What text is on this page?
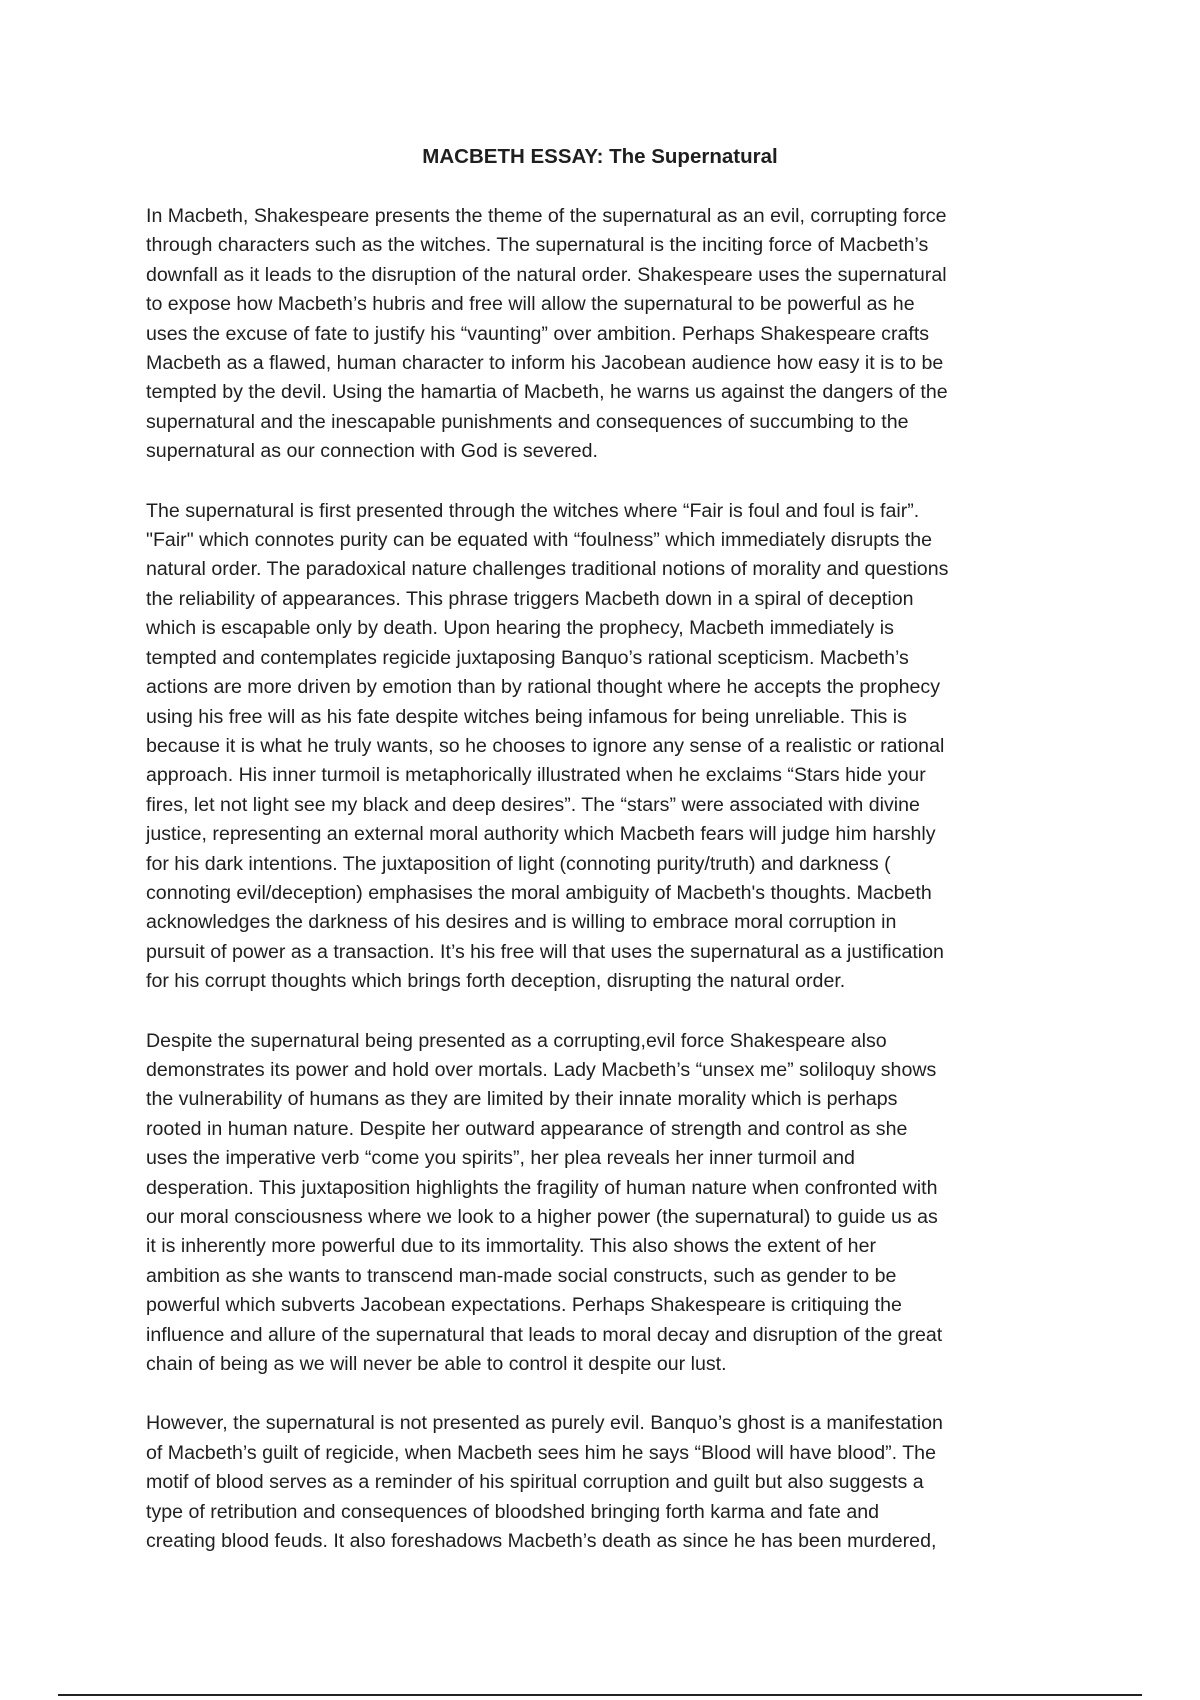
MACBETH ESSAY: The Supernatural

In Macbeth, Shakespeare presents the theme of the supernatural as an evil, corrupting force
through characters such as the witches. The supernatural is the inciting force of Macbeth’s
downfall as it leads to the disruption of the natural order. Shakespeare uses the supernatural
to expose how Macbeth’s hubris and free will allow the supernatural to be powerful as he
uses the excuse of fate to justify his “vaunting” over ambition. Perhaps Shakespeare crafts
Macbeth as a flawed, human character to inform his Jacobean audience how easy it is to be
tempted by the devil. Using the hamartia of Macbeth, he warns us against the dangers of the
supernatural and the inescapable punishments and consequences of succumbing to the
supernatural as our connection with God is severed.

The supernatural is first presented through the witches where “Fair is foul and foul is fair”.
"Fair" which connotes purity can be equated with “foulness” which immediately disrupts the
natural order. The paradoxical nature challenges traditional notions of morality and questions
the reliability of appearances. This phrase triggers Macbeth down in a spiral of deception
which is escapable only by death. Upon hearing the prophecy, Macbeth immediately is
tempted and contemplates regicide juxtaposing Banquo’s rational scepticism. Macbeth’s
actions are more driven by emotion than by rational thought where he accepts the prophecy
using his free will as his fate despite witches being infamous for being unreliable. This is
because it is what he truly wants, so he chooses to ignore any sense of a realistic or rational
approach. His inner turmoil is metaphorically illustrated when he exclaims “Stars hide your
fires, let not light see my black and deep desires”. The “stars” were associated with divine
justice, representing an external moral authority which Macbeth fears will judge him harshly
for his dark intentions. The juxtaposition of light (connoting purity/truth) and darkness (
connoting evil/deception) emphasises the moral ambiguity of Macbeth's thoughts. Macbeth
acknowledges the darkness of his desires and is willing to embrace moral corruption in
pursuit of power as a transaction. It’s his free will that uses the supernatural as a justification
for his corrupt thoughts which brings forth deception, disrupting the natural order.

Despite the supernatural being presented as a corrupting,evil force Shakespeare also
demonstrates its power and hold over mortals. Lady Macbeth’s “unsex me” soliloquy shows
the vulnerability of humans as they are limited by their innate morality which is perhaps
rooted in human nature. Despite her outward appearance of strength and control as she
uses the imperative verb “come you spirits”, her plea reveals her inner turmoil and
desperation. This juxtaposition highlights the fragility of human nature when confronted with
our moral consciousness where we look to a higher power (the supernatural) to guide us as
it is inherently more powerful due to its immortality. This also shows the extent of her
ambition as she wants to transcend man-made social constructs, such as gender to be
powerful which subverts Jacobean expectations. Perhaps Shakespeare is critiquing the
influence and allure of the supernatural that leads to moral decay and disruption of the great
chain of being as we will never be able to control it despite our lust.

However, the supernatural is not presented as purely evil. Banquo’s ghost is a manifestation
of Macbeth’s guilt of regicide, when Macbeth sees him he says “Blood will have blood”. The
motif of blood serves as a reminder of his spiritual corruption and guilt but also suggests a
type of retribution and consequences of bloodshed bringing forth karma and fate and
creating blood feuds. It also foreshadows Macbeth’s death as since he has been murdered,
